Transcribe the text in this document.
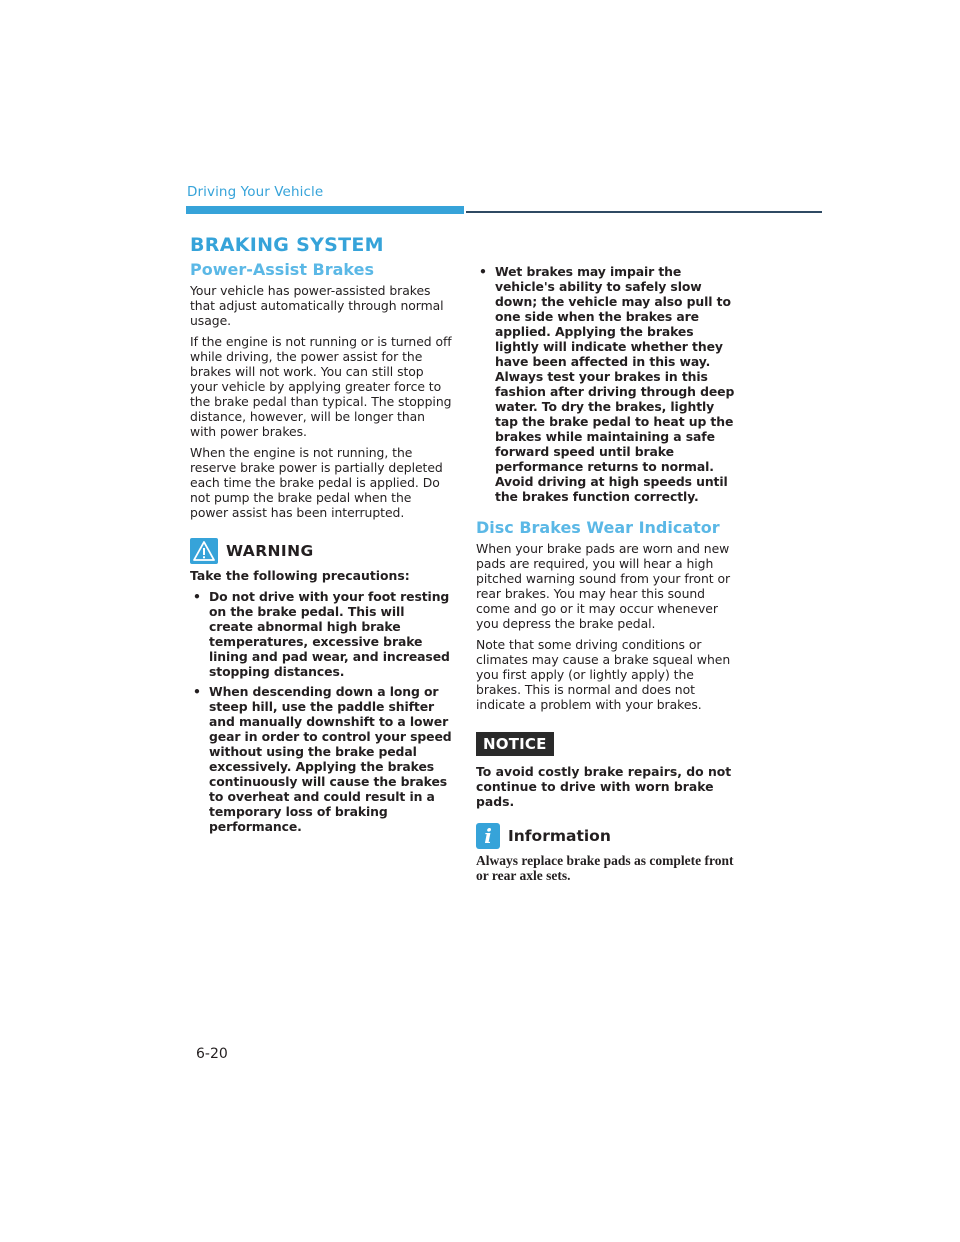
Driving Your Vehicle
BRAKING SYSTEM
Power-Assist Brakes

Your vehicle has power-assisted brakes that adjust automatically through normal usage.

If the engine is not running or is turned off while driving, the power assist for the brakes will not work. You can still stop your vehicle by applying greater force to the brake pedal than typical. The stopping distance, however, will be longer than with power brakes.

When the engine is not running, the reserve brake power is partially depleted each time the brake pedal is applied. Do not pump the brake pedal when the power assist has been interrupted.

WARNING

Take the following precautions:

• Do not drive with your foot resting on the brake pedal. This will create abnormal high brake temperatures, excessive brake lining and pad wear, and increased stopping distances.
• When descending down a long or steep hill, use the paddle shifter and manually downshift to a lower gear in order to control your speed without using the brake pedal excessively. Applying the brakes continuously will cause the brakes to overheat and could result in a temporary loss of braking performance.
• Wet brakes may impair the vehicle's ability to safely slow down; the vehicle may also pull to one side when the brakes are applied. Applying the brakes lightly will indicate whether they have been affected in this way. Always test your brakes in this fashion after driving through deep water. To dry the brakes, lightly tap the brake pedal to heat up the brakes while maintaining a safe forward speed until brake performance returns to normal. Avoid driving at high speeds until the brakes function correctly.
Disc Brakes Wear Indicator

When your brake pads are worn and new pads are required, you will hear a high pitched warning sound from your front or rear brakes. You may hear this sound come and go or it may occur whenever you depress the brake pedal.

Note that some driving conditions or climates may cause a brake squeal when you first apply (or lightly apply) the brakes. This is normal and does not indicate a problem with your brakes.

NOTICE

To avoid costly brake repairs, do not continue to drive with worn brake pads.

i	Information

Always replace brake pads as complete front or rear axle sets.

6-20
